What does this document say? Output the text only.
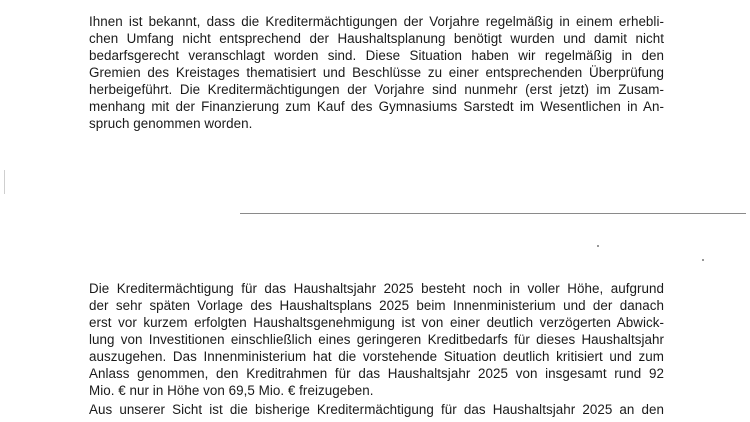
Ihnen ist bekannt, dass die Kreditermächtigungen der Vorjahre regelmäßig in einem erhebli-
chen Umfang nicht entsprechend der Haushaltsplanung benötigt wurden und damit nicht
bedarfsgerecht veranschlagt worden sind. Diese Situation haben wir regelmäßig in den
Gremien des Kreistages thematisiert und Beschlüsse zu einer entsprechenden Überprüfung
herbeigeführt. Die Kreditermächtigungen der Vorjahre sind nunmehr (erst jetzt) im Zusam-
menhang mit der Finanzierung zum Kauf des Gymnasiums Sarstedt im Wesentlichen in An-
spruch genommen worden.
Die Kreditermächtigung für das Haushaltsjahr 2025 besteht noch in voller Höhe, aufgrund
der sehr späten Vorlage des Haushaltsplans 2025 beim Innenministerium und der danach
erst vor kurzem erfolgten Haushaltsgenehmigung ist von einer deutlich verzögerten Abwick-
lung von Investitionen einschließlich eines geringeren Kreditbedarfs für dieses Haushaltsjahr
auszugehen. Das Innenministerium hat die vorstehende Situation deutlich kritisiert und zum
Anlass genommen, den Kreditrahmen für das Haushaltsjahr 2025 von insgesamt rund 92
Mio. € nur in Höhe von 69,5 Mio. € freizugeben.
Aus unserer Sicht ist die bisherige Kreditermächtigung für das Haushaltsjahr 2025 an den
